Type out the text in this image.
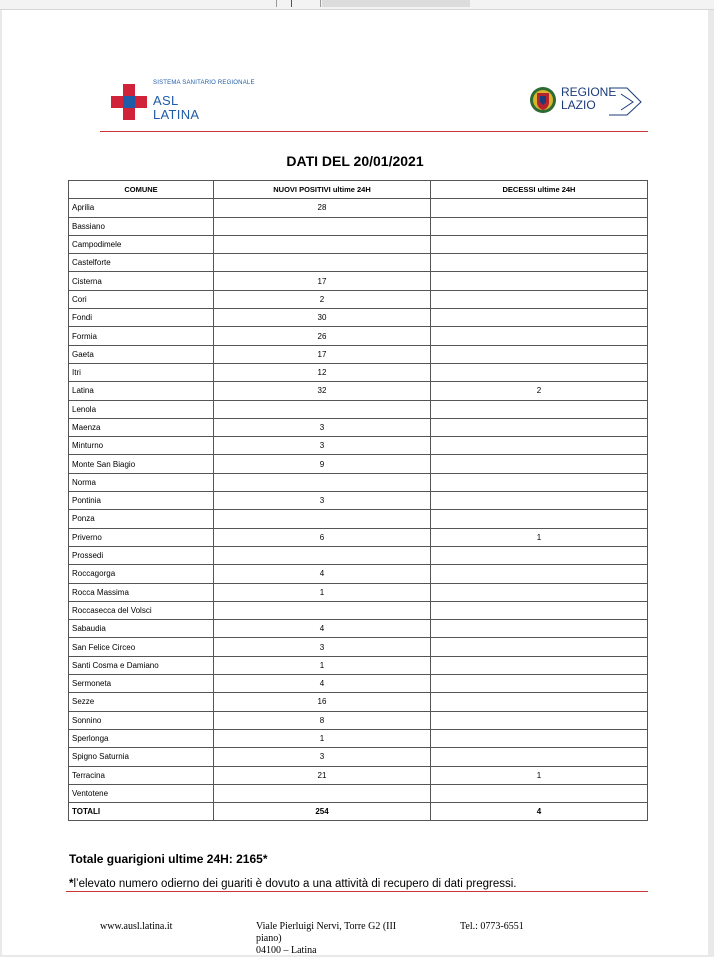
SISTEMA SANITARIO REGIONALE
ASL
LATINA
REGIONE
LAZIO
DATI DEL 20/01/2021
COMUNE	NUOVI POSITIVI ultime 24H	DECESSI ultime 24H
Aprilia	28	
Bassiano		
Campodimele		
Castelforte		
Cisterna	17	
Cori	2	
Fondi	30	
Formia	26	
Gaeta	17	
Itri	12	
Latina	32	2
Lenola		
Maenza	3	
Minturno	3	
Monte San Biagio	9	
Norma		
Pontinia	3	
Ponza		
Priverno	6	1
Prossedi		
Roccagorga	4	
Rocca Massima	1	
Roccasecca del Volsci		
Sabaudia	4	
San Felice Circeo	3	
Santi Cosma e Damiano	1	
Sermoneta	4	
Sezze	16	
Sonnino	8	
Sperlonga	1	
Spigno Saturnia	3	
Terracina	21	1
Ventotene		
TOTALI	254	4
Totale guarigioni ultime 24H: 2165*
*l’elevato numero odierno dei guariti è dovuto a una attività di recupero di dati pregressi.
www.ausl.latina.it	Viale Pierluigi Nervi, Torre G2 (III
piano)
04100 – Latina
Tel.: 0773-6551
